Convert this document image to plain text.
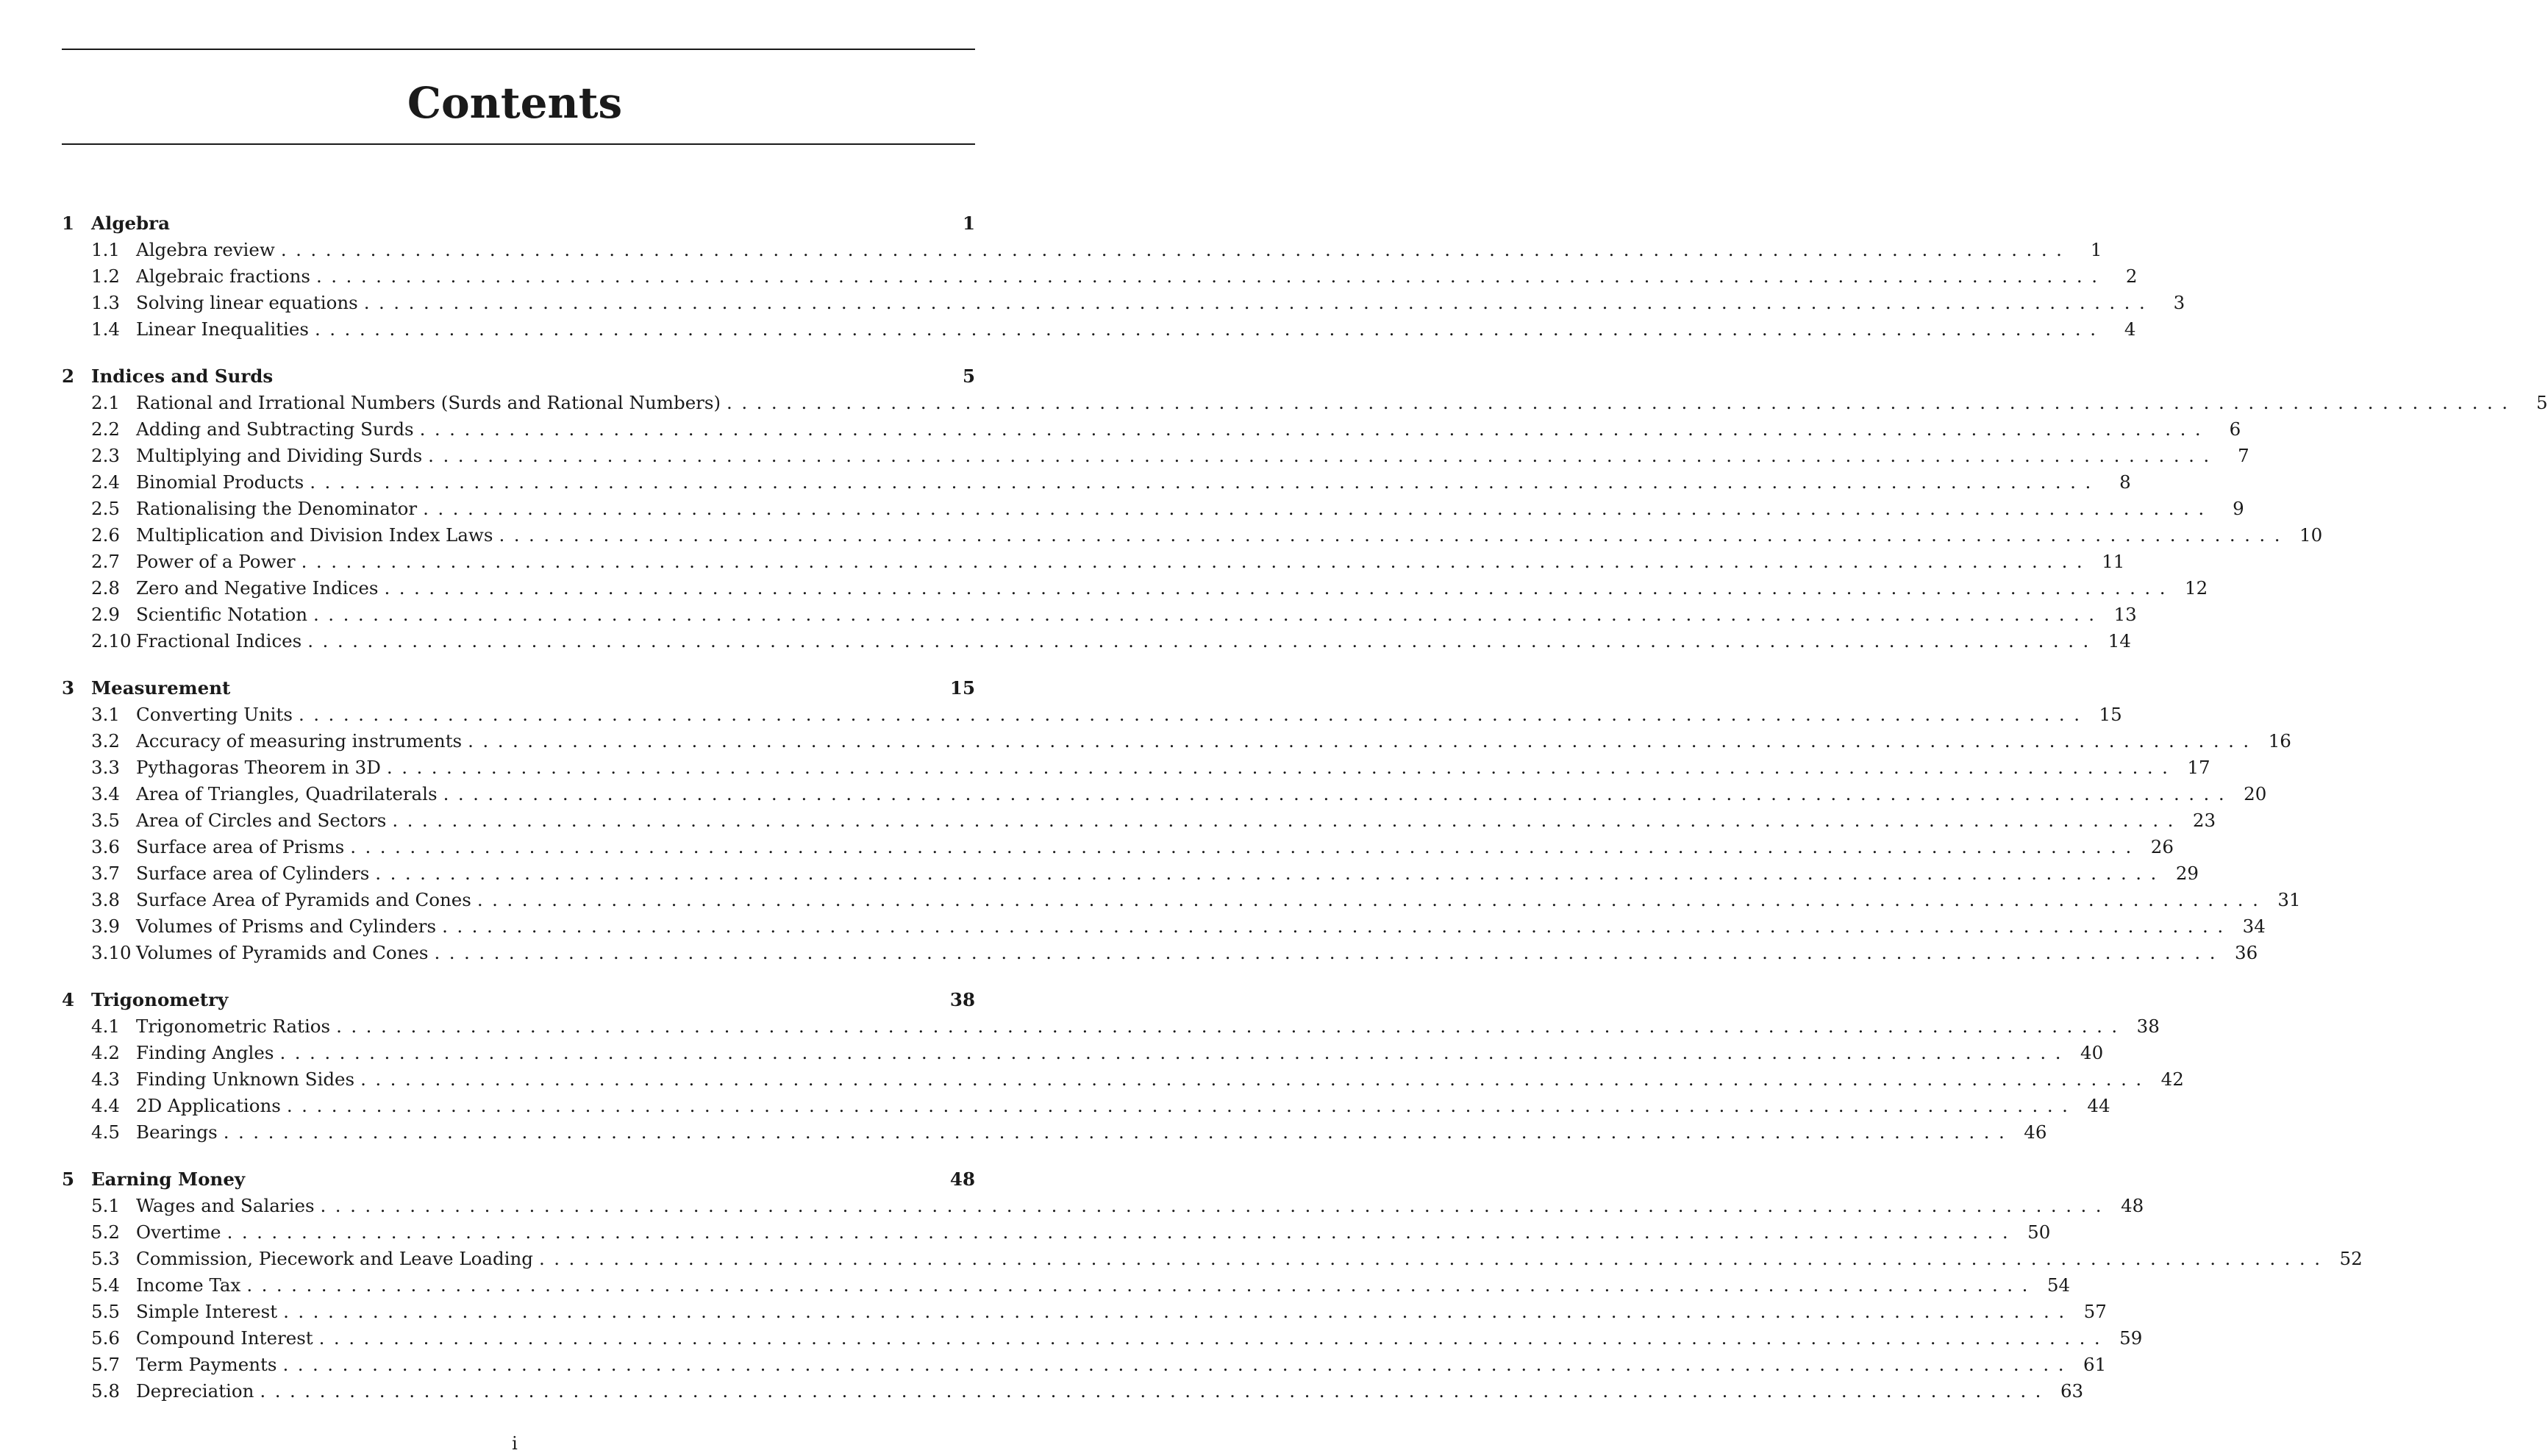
Contents
1 Algebra	1
1.1 Algebra review ........................................................................................................................	1
1.2 Algebraic fractions ........................................................................................................................	2
1.3 Solving linear equations ........................................................................................................................	3
1.4 Linear Inequalities ........................................................................................................................	4
2 Indices and Surds	5
2.1 Rational and Irrational Numbers (Surds and Rational Numbers) ........................................................................................................................	5
2.2 Adding and Subtracting Surds ........................................................................................................................	6
2.3 Multiplying and Dividing Surds ........................................................................................................................	7
2.4 Binomial Products ........................................................................................................................	8
2.5 Rationalising the Denominator ........................................................................................................................	9
2.6 Multiplication and Division Index Laws ........................................................................................................................ 10
2.7 Power of a Power ........................................................................................................................ 11
2.8 Zero and Negative Indices ........................................................................................................................ 12
2.9 Scientific Notation ........................................................................................................................ 13
2.10 Fractional Indices ........................................................................................................................ 14
3 Measurement	15
3.1 Converting Units ........................................................................................................................ 15
3.2 Accuracy of measuring instruments ........................................................................................................................ 16
3.3 Pythagoras Theorem in 3D ........................................................................................................................ 17
3.4 Area of Triangles, Quadrilaterals ........................................................................................................................ 20
3.5 Area of Circles and Sectors ........................................................................................................................ 23
3.6 Surface area of Prisms ........................................................................................................................ 26
3.7 Surface area of Cylinders ........................................................................................................................ 29
3.8 Surface Area of Pyramids and Cones ........................................................................................................................ 31
3.9 Volumes of Prisms and Cylinders ........................................................................................................................ 34
3.10 Volumes of Pyramids and Cones ........................................................................................................................ 36
4 Trigonometry	38
4.1 Trigonometric Ratios ........................................................................................................................ 38
4.2 Finding Angles ........................................................................................................................ 40
4.3 Finding Unknown Sides ........................................................................................................................ 42
4.4 2D Applications ........................................................................................................................ 44
4.5 Bearings ........................................................................................................................ 46
5 Earning Money	48
5.1 Wages and Salaries ........................................................................................................................ 48
5.2 Overtime ........................................................................................................................ 50
5.3 Commission, Piecework and Leave Loading ........................................................................................................................ 52
5.4 Income Tax ........................................................................................................................ 54
5.5 Simple Interest ........................................................................................................................ 57
5.6 Compound Interest ........................................................................................................................ 59
5.7 Term Payments ........................................................................................................................ 61
5.8 Depreciation ........................................................................................................................ 63
i
